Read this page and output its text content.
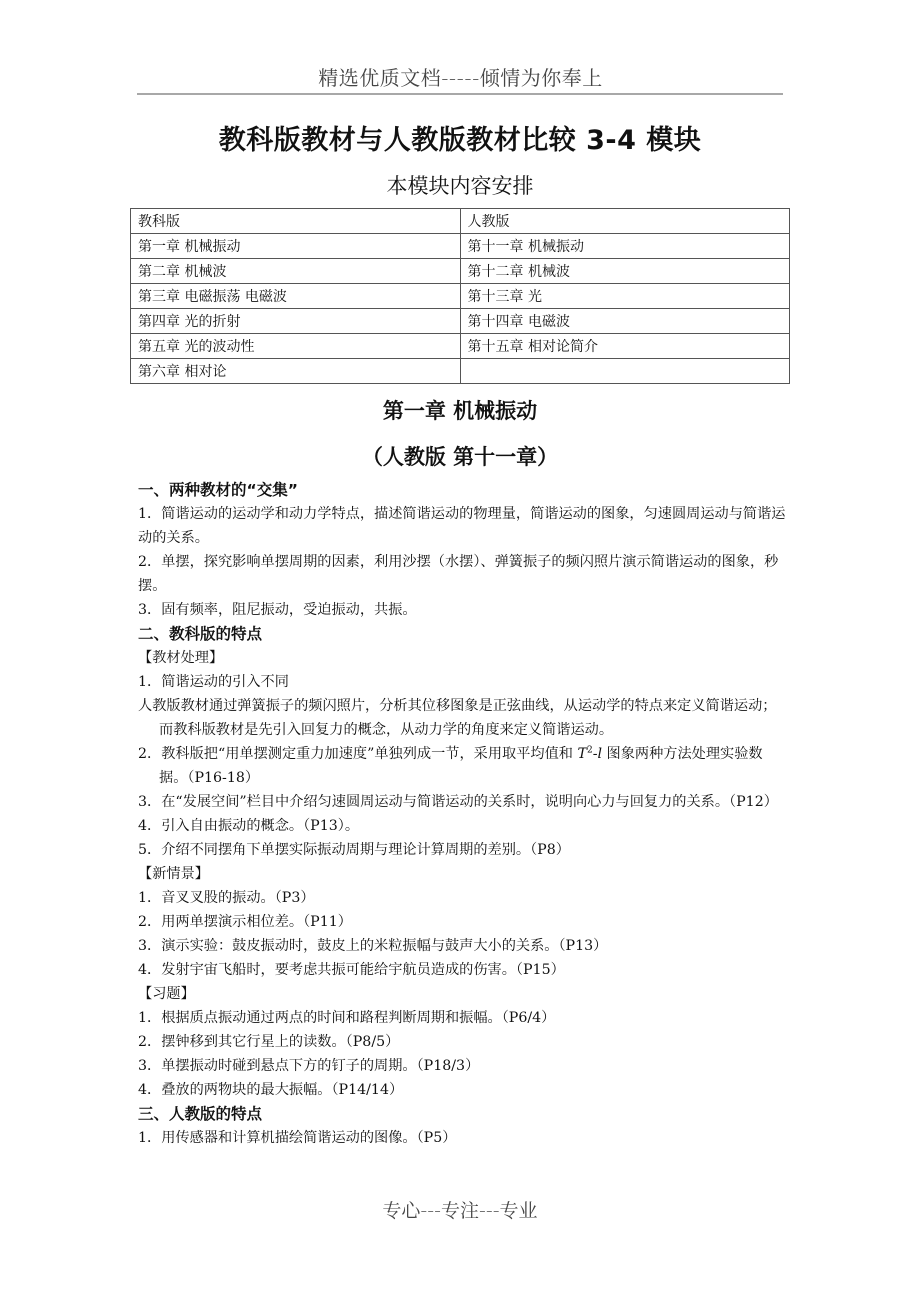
精选优质文档-----倾情为你奉上
教科版教材与人教版教材比较 3-4 模块
本模块内容安排
教科版	人教版
第一章 机械振动	第十一章 机械振动
第二章 机械波	第十二章 机械波
第三章 电磁振荡 电磁波	第十三章 光
第四章 光的折射	第十四章 电磁波
第五章 光的波动性	第十五章 相对论简介
第六章 相对论	
第一章 机械振动
（人教版 第十一章）

一、两种教材的“交集”

1．简谐运动的运动学和动力学特点，描述简谐运动的物理量，简谐运动的图象，匀速圆周运动与简谐运动的关系。

2．单摆，探究影响单摆周期的因素，利用沙摆（水摆）、弹簧振子的频闪照片演示简谐运动的图象，秒摆。

3．固有频率，阻尼振动，受迫振动，共振。

二、教科版的特点

【教材处理】

1．简谐运动的引入不同

人教版教材通过弹簧振子的频闪照片，分析其位移图象是正弦曲线，从运动学的特点来定义简谐运动；而教科版教材是先引入回复力的概念，从动力学的角度来定义简谐运动。

2．教科版把“用单摆测定重力加速度”单独列成一节，采用取平均值和 $T^2-l$ 图象两种方法处理实验数据。（P16-18）

3．在“发展空间”栏目中介绍匀速圆周运动与简谐运动的关系时，说明向心力与回复力的关系。（P12）

4．引入自由振动的概念。（P13）。

5．介绍不同摆角下单摆实际振动周期与理论计算周期的差别。（P8）

【新情景】

1．音叉叉股的振动。（P3）

2．用两单摆演示相位差。（P11）

3．演示实验：鼓皮振动时，鼓皮上的米粒振幅与鼓声大小的关系。（P13）

4．发射宇宙飞船时，要考虑共振可能给宇航员造成的伤害。（P15）

【习题】

1．根据质点振动通过两点的时间和路程判断周期和振幅。（P6/4）

2．摆钟移到其它行星上的读数。（P8/5）

3．单摆振动时碰到悬点下方的钉子的周期。（P18/3）

4．叠放的两物块的最大振幅。（P14/14）

三、人教版的特点

1．用传感器和计算机描绘简谐运动的图像。（P5）

专心---专注---专业
